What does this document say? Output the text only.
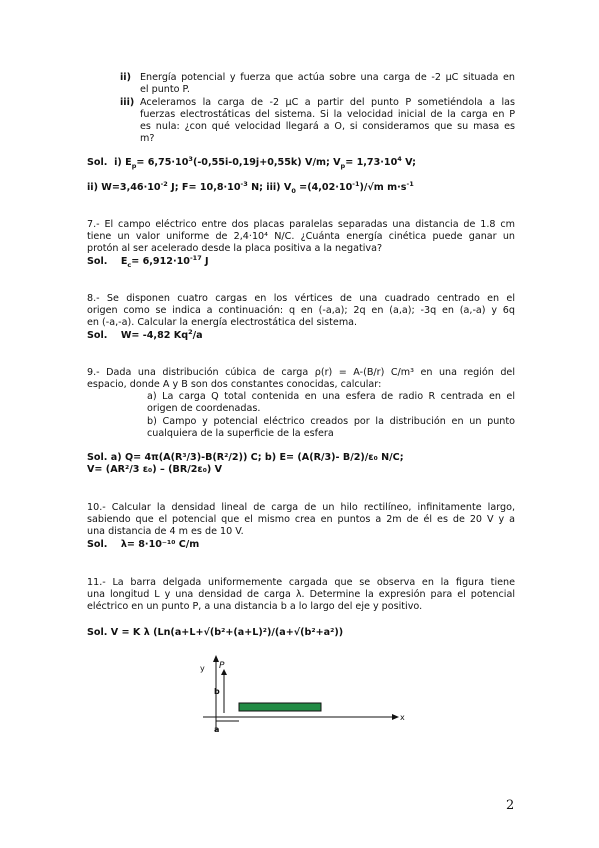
ii) Energía potencial y fuerza que actúa sobre una carga de -2 μC situada en
el punto P.
iii) Aceleramos la carga de -2 μC a partir del punto P sometiéndola a las
fuerzas electrostáticas del sistema. Si la velocidad inicial de la carga en P
es nula: ¿con qué velocidad llegará a O, si consideramos que su masa es
m?
Sol. i) $E_p= 6,75\cdot 10^3(-0,55i-0,19j+0,55k)$ V/m; $V_p= 1,73\cdot 10^4$ V;
ii) $W=3,46\cdot 10^{-2}$ J; $F= 10,8\cdot 10^{-3}$ N; iii) $V_0 =(4,02\cdot 10^{-1})/√m$ $m\cdot s^{-1}$
7.- El campo eléctrico entre dos placas paralelas separadas una distancia de 1.8 cm
tiene un valor uniforme de 2,4·10⁴ N/C. ¿Cuánta energía cinética puede ganar un
protón al ser acelerado desde la placa positiva a la negativa?
Sol. $E_c= 6,912\cdot 10^{-17}$ J
8.- Se disponen cuatro cargas en los vértices de una cuadrado centrado en el
origen como se indica a continuación: q en (-a,a); 2q en (a,a); -3q en (a,-a) y 6q
en (-a,-a). Calcular la energía electrostática del sistema.
Sol. W= -4,82 Kq$^2$/a
9.- Dada una distribución cúbica de carga ρ(r) = A-(B/r) C/m³ en una región del
espacio, donde A y B son dos constantes conocidas, calcular:
a) La carga Q total contenida en una esfera de radio R centrada en el
origen de coordenadas.
b) Campo y potencial eléctrico creados por la distribución en un punto
cualquiera de la superficie de la esfera
Sol. a) Q= 4π(A(R³/3)-B(R²/2)) C; b) E= (A(R/3)- B/2)/ε₀ N/C;
V= (AR²/3 ε₀) – (BR/2ε₀) V
10.- Calcular la densidad lineal de carga de un hilo rectilíneo, infinitamente largo,
sabiendo que el potencial que el mismo crea en puntos a 2m de él es de 20 V y a
una distancia de 4 m es de 10 V.
Sol. λ= 8·10⁻¹⁰ C/m
11.- La barra delgada uniformemente cargada que se observa en la figura tiene
una longitud L y una densidad de carga λ. Determine la expresión para el potencial
eléctrico en un punto P, a una distancia b a lo largo del eje y positivo.
Sol. V = K λ (Ln(a+L+√(b²+(a+L)²)/(a+√(b²+a²))
y P
b
x
a
2
